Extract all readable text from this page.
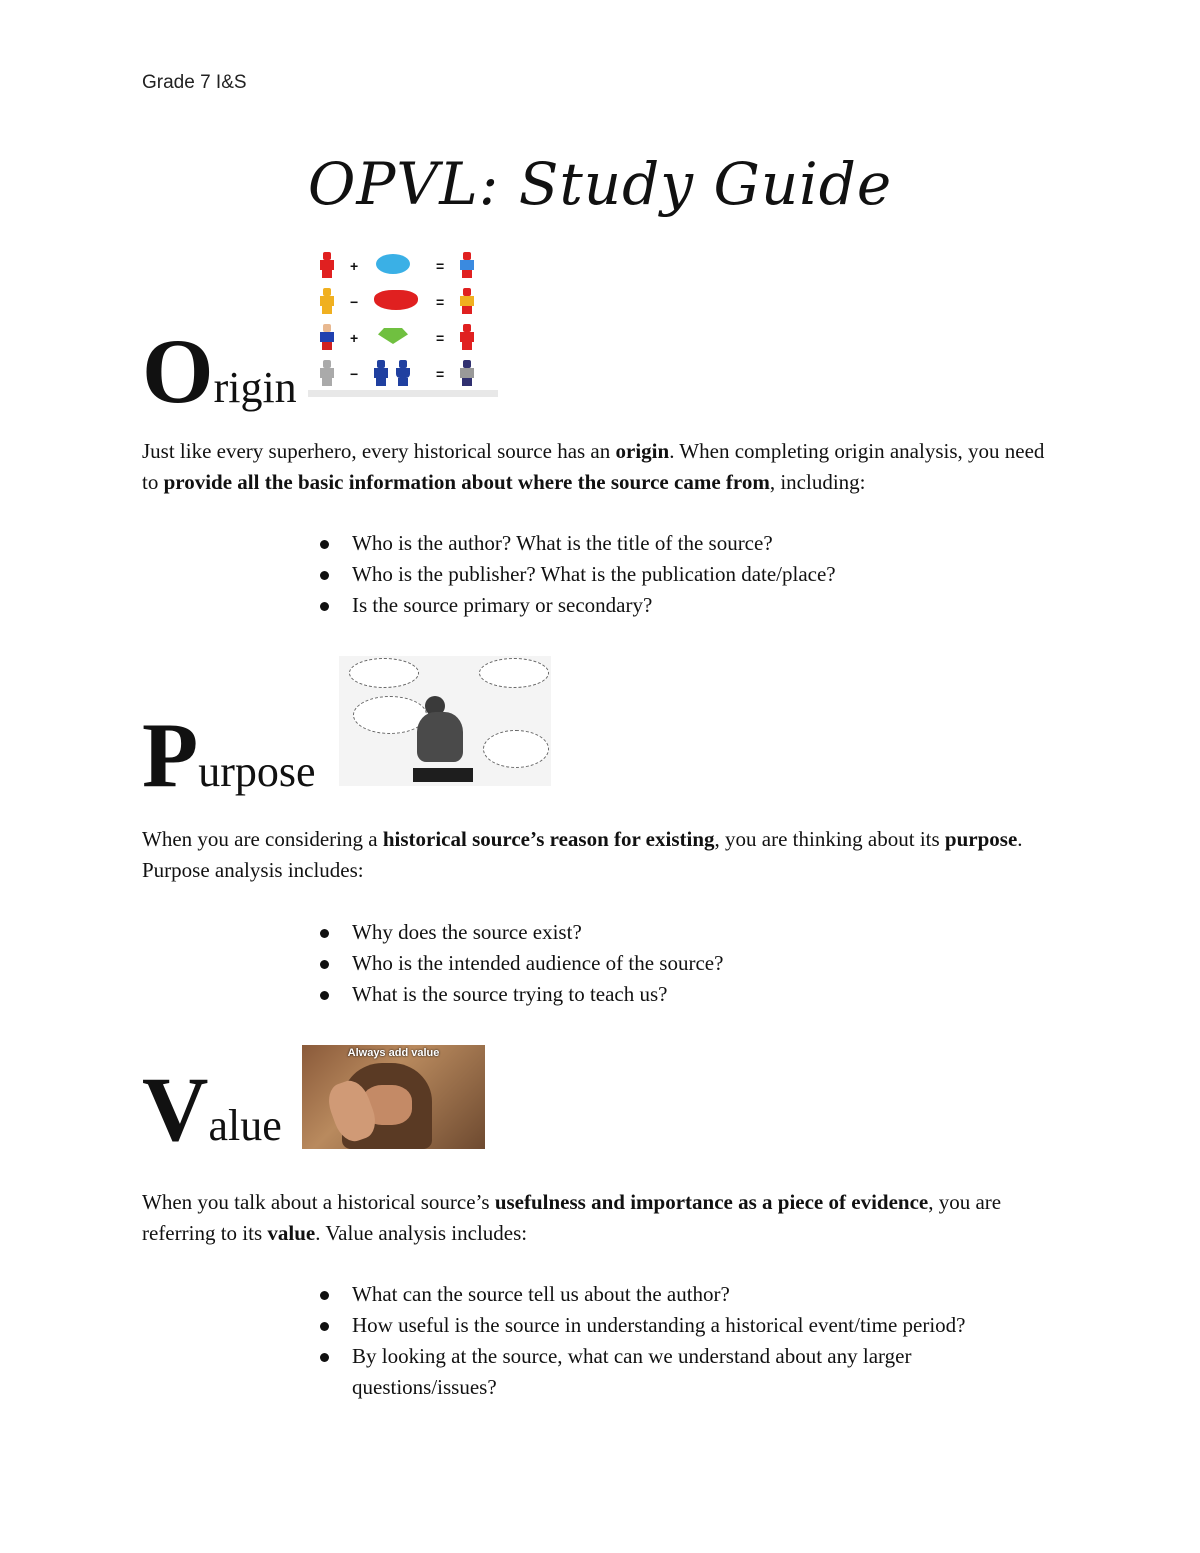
Grade 7 I&S
OPVL: Study Guide
Origin
+	=
−	=
+	=
−	=
Just like every superhero, every historical source has an origin. When completing origin analysis, you need to provide all the basic information about where the source came from, including:
Who is the author? What is the title of the source?
Who is the publisher? What is the publication date/place?
Is the source primary or secondary?
Purpose
When you are considering a historical source’s reason for existing, you are thinking about its purpose. Purpose analysis includes:
Why does the source exist?
Who is the intended audience of the source?
What is the source trying to teach us?
Value
Always add value
When you talk about a historical source’s usefulness and importance as a piece of evidence, you are referring to its value. Value analysis includes:
What can the source tell us about the author?
How useful is the source in understanding a historical event/time period?
By looking at the source, what can we understand about any larger questions/issues?
